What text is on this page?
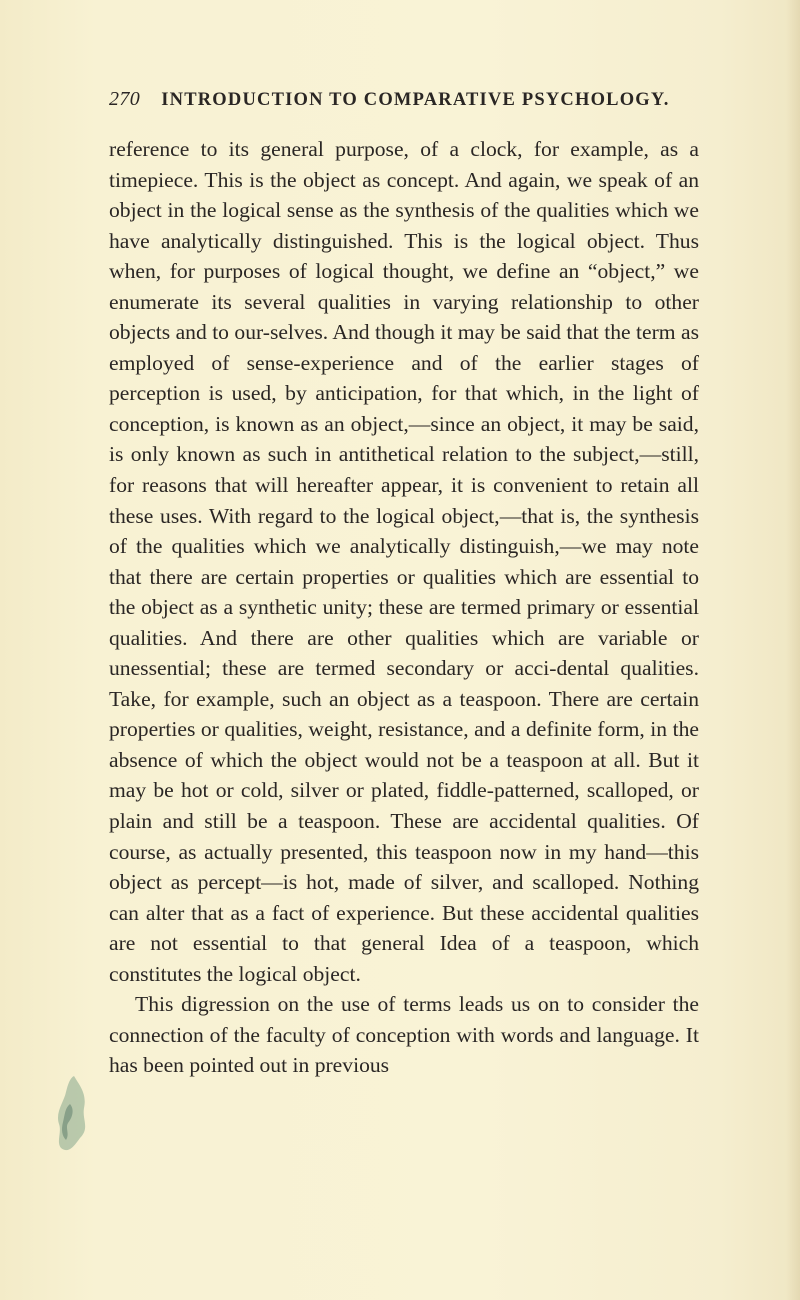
270 INTRODUCTION TO COMPARATIVE PSYCHOLOGY.

reference to its general purpose, of a clock, for example, as a timepiece. This is the object as concept. And again, we speak of an object in the logical sense as the synthesis of the qualities which we have analytically distinguished. This is the logical object. Thus when, for purposes of logical thought, we define an “object,” we enumerate its several qualities in varying relationship to other objects and to our-selves. And though it may be said that the term as employed of sense-experience and of the earlier stages of perception is used, by anticipation, for that which, in the light of conception, is known as an object,—since an object, it may be said, is only known as such in antithetical relation to the subject,—still, for reasons that will hereafter appear, it is convenient to retain all these uses. With regard to the logical object,—that is, the synthesis of the qualities which we analytically distinguish,—we may note that there are certain properties or qualities which are essential to the object as a synthetic unity; these are termed primary or essential qualities. And there are other qualities which are variable or unessential; these are termed secondary or acci-dental qualities. Take, for example, such an object as a teaspoon. There are certain properties or qualities, weight, resistance, and a definite form, in the absence of which the object would not be a teaspoon at all. But it may be hot or cold, silver or plated, fiddle-patterned, scalloped, or plain and still be a teaspoon. These are accidental qualities. Of course, as actually presented, this teaspoon now in my hand—this object as percept—is hot, made of silver, and scalloped. Nothing can alter that as a fact of experience. But these accidental qualities are not essential to that general Idea of a teaspoon, which constitutes the logical object.

This digression on the use of terms leads us on to consider the connection of the faculty of conception with words and language. It has been pointed out in previous
